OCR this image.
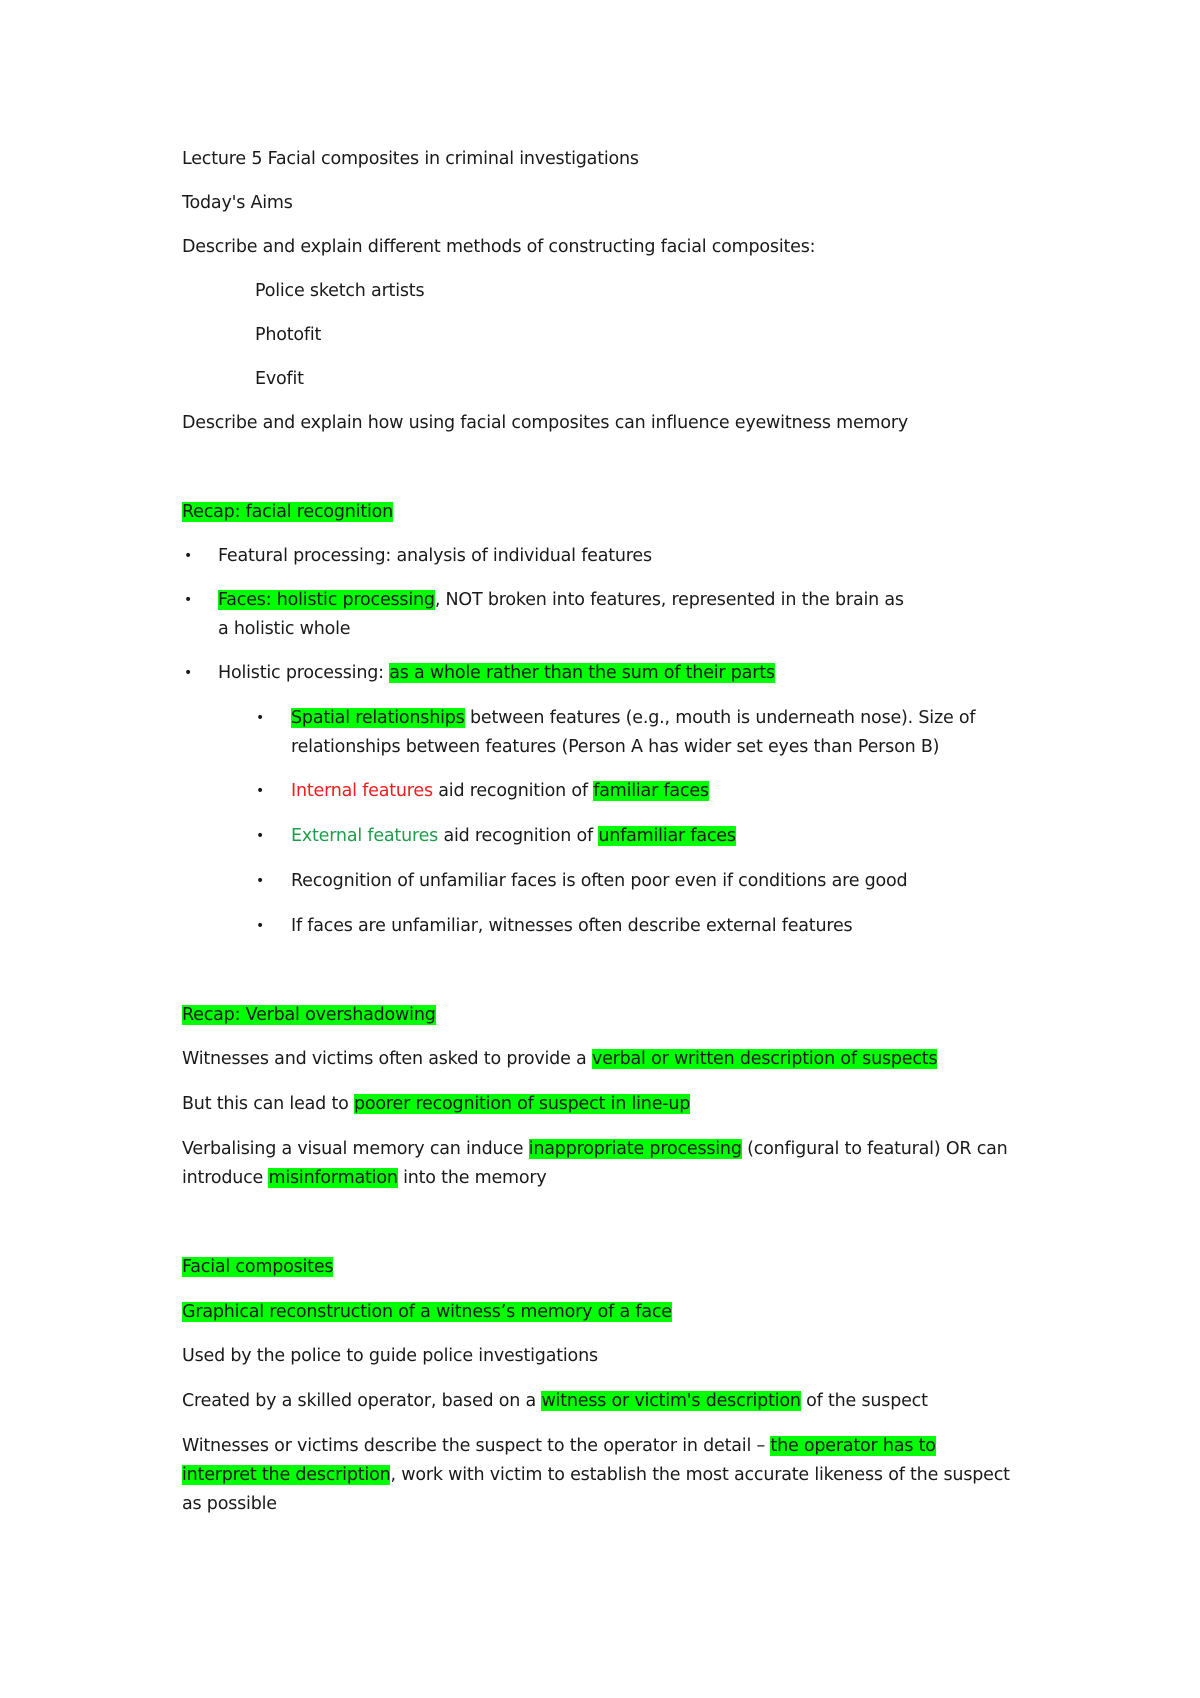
Lecture 5 Facial composites in criminal investigations
Today's Aims
Describe and explain different methods of constructing facial composites:
Police sketch artists
Photofit
Evofit
Describe and explain how using facial composites can influence eyewitness memory
Recap: facial recognition
• Featural processing: analysis of individual features
• Faces: holistic processing, NOT broken into features, represented in the brain as
a holistic whole
• Holistic processing: as a whole rather than the sum of their parts
• Spatial relationships between features (e.g., mouth is underneath nose). Size of
relationships between features (Person A has wider set eyes than Person B)
• Internal features aid recognition of familiar faces
• External features aid recognition of unfamiliar faces
• Recognition of unfamiliar faces is often poor even if conditions are good
• If faces are unfamiliar, witnesses often describe external features
Recap: Verbal overshadowing
Witnesses and victims often asked to provide a verbal or written description of suspects
But this can lead to poorer recognition of suspect in line-up
Verbalising a visual memory can induce inappropriate processing (configural to featural) OR can
introduce misinformation into the memory
Facial composites
Graphical reconstruction of a witness’s memory of a face
Used by the police to guide police investigations
Created by a skilled operator, based on a witness or victim's description of the suspect
Witnesses or victims describe the suspect to the operator in detail – the operator has to
interpret the description, work with victim to establish the most accurate likeness of the suspect
as possible
